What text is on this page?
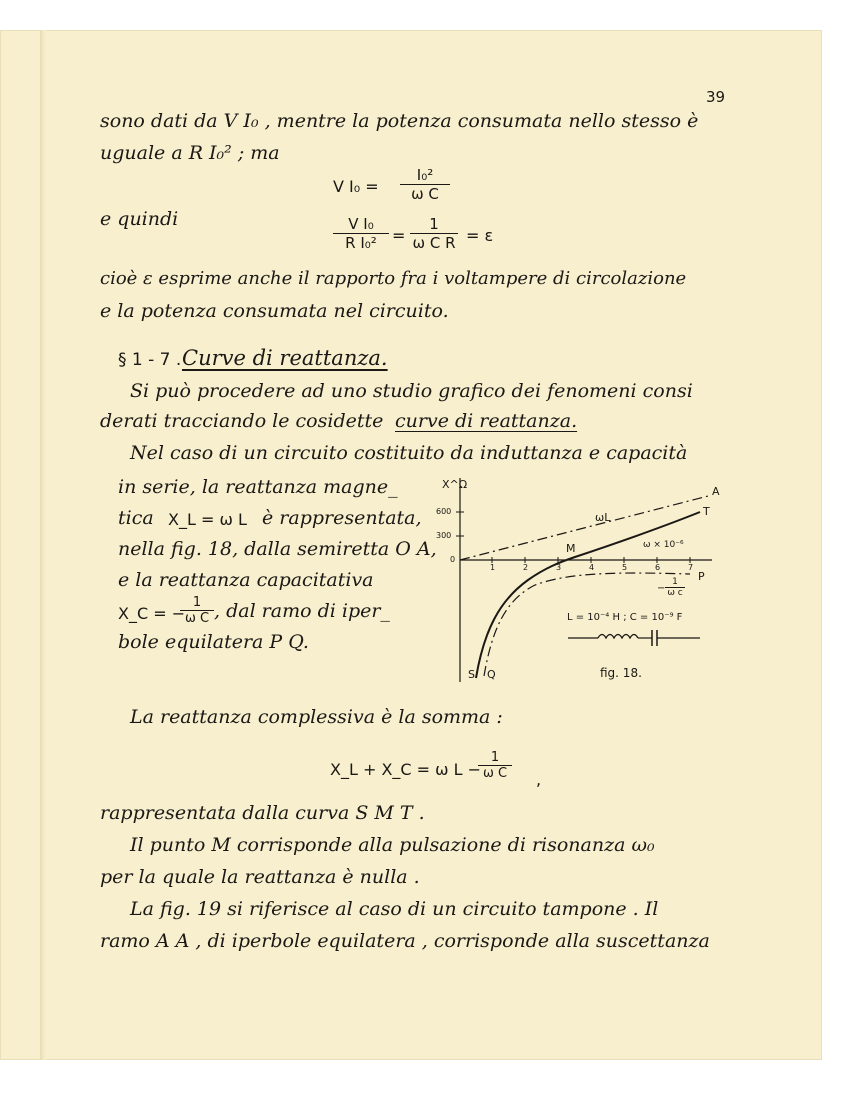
39
sono dati da V I₀ , mentre la potenza consumata nello stesso è
uguale a R I₀² ; ma
V $I_0 = \frac{\text{I₀²}}{\text{ω C}}$
e quindi	$\frac{\text{V I₀}}{\text{R I₀²}} = \frac{1}{\text{ω C R}} = \varepsilon$
cioè ε esprime anche il rapporto fra i voltampere di circolazione
e la potenza consumata nel circuito.
§ 1 - 7 . Curve di reattanza.
Si può procedere ad uno studio grafico dei fenomeni consi
derati tracciando le cosidette curve di reattanza.
Nel caso di un circuito costituito da induttanza e capacità
in serie, la reattanza magne_
tica X_L = ω L è rappresentata,
nella fig. 18, dalla semiretta O A,
e la reattanza capacitativa
X_C = −
$\frac{1}{\text{ω C}}$ , dal ramo di iper_
bole equilatera P Q.
X^Ω
600
300
0
1	2	3	4	5	6	7
ω × 10⁻⁶
A
T
P
M
S Q
ωL
− $\frac{1}{\text{ω c}}$
L = 10⁻⁴ H ; C = 10⁻⁹ F
fig. 18.
La reattanza complessiva è la somma :
X_L + X_C = ω L −
$\frac{1}{\text{ω C}}$ ,
rappresentata dalla curva S M T .
Il punto M corrisponde alla pulsazione di risonanza ω₀
per la quale la reattanza è nulla .
La fig. 19 si riferisce al caso di un circuito tampone . Il
ramo A A , di iperbole equilatera , corrisponde alla suscettanza
